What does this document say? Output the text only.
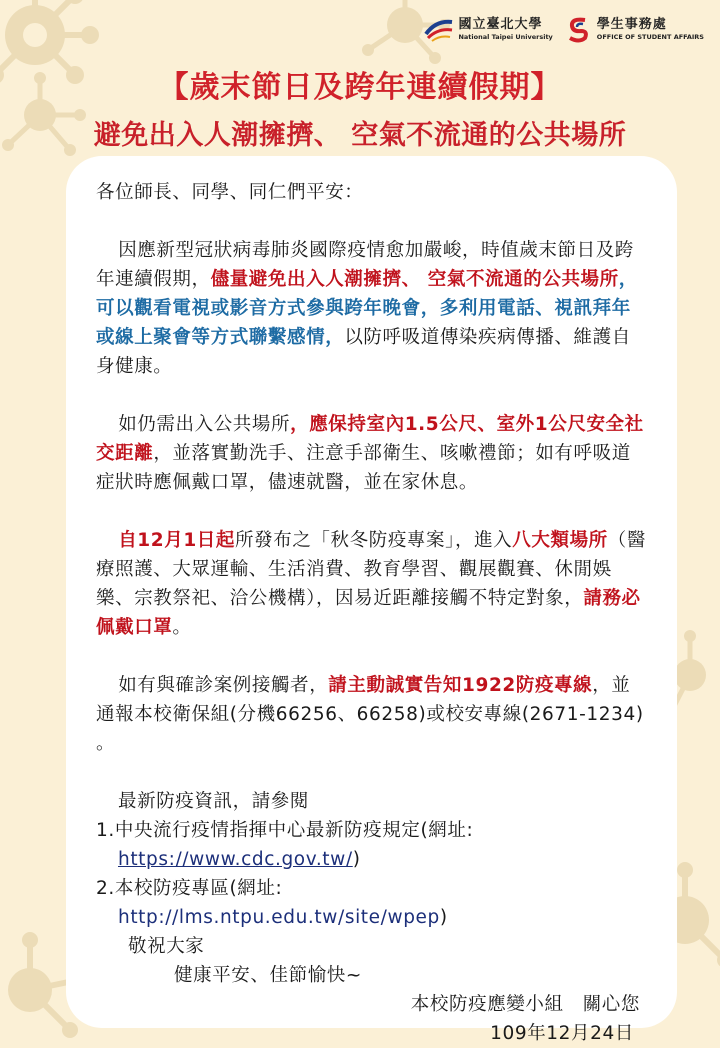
國立臺北大學
National Taipei University
學生事務處
OFFICE OF STUDENT AFFAIRS
【歲末節日及跨年連續假期】
避免出入人潮擁擠、 空氣不流通的公共場所

各位師長、同學、同仁們平安：

因應新型冠狀病毒肺炎國際疫情愈加嚴峻，時值歲末節日及跨年連續假期，儘量避免出入人潮擁擠、 空氣不流通的公共場所，可以觀看電視或影音方式參與跨年晚會，多利用電話、視訊拜年或線上聚會等方式聯繫感情，以防呼吸道傳染疾病傳播、維護自身健康。

如仍需出入公共場所，應保持室內1.5公尺、室外1公尺安全社交距離，並落實勤洗手、注意手部衛生、咳嗽禮節；如有呼吸道症狀時應佩戴口罩，儘速就醫，並在家休息。

自12月1日起所發布之「秋冬防疫專案」，進入八大類場所（醫療照護、大眾運輸、生活消費、教育學習、觀展觀賽、休閒娛樂、宗教祭祀、洽公機構），因易近距離接觸不特定對象，請務必佩戴口罩。

如有與確診案例接觸者，請主動誠實告知1922防疫專線，並通報本校衛保組(分機66256、66258)或校安專線(2671-1234) 。

最新防疫資訊，請參閱

1.中央流行疫情指揮中心最新防疫規定(網址:

https://www.cdc.gov.tw/)

2.本校防疫專區(網址:

http://lms.ntpu.edu.tw/site/wpep)

敬祝大家

健康平安、佳節愉快~

本校防疫應變小組　關心您

109年12月24日
